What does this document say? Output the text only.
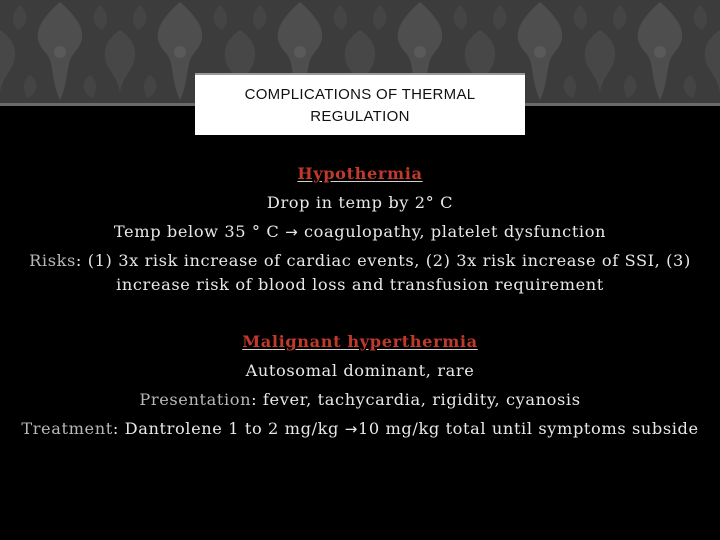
COMPLICATIONS OF THERMAL
REGULATION
Hypothermia
Drop in temp by 2° C
Temp below 35 ° C → coagulopathy, platelet dysfunction
Risks: (1) 3x risk increase of cardiac events, (2) 3x risk increase of SSI, (3) increase risk of blood loss and transfusion requirement
Malignant hyperthermia
Autosomal dominant, rare
Presentation: fever, tachycardia, rigidity, cyanosis
Treatment: Dantrolene 1 to 2 mg/kg →10 mg/kg total until symptoms subside
